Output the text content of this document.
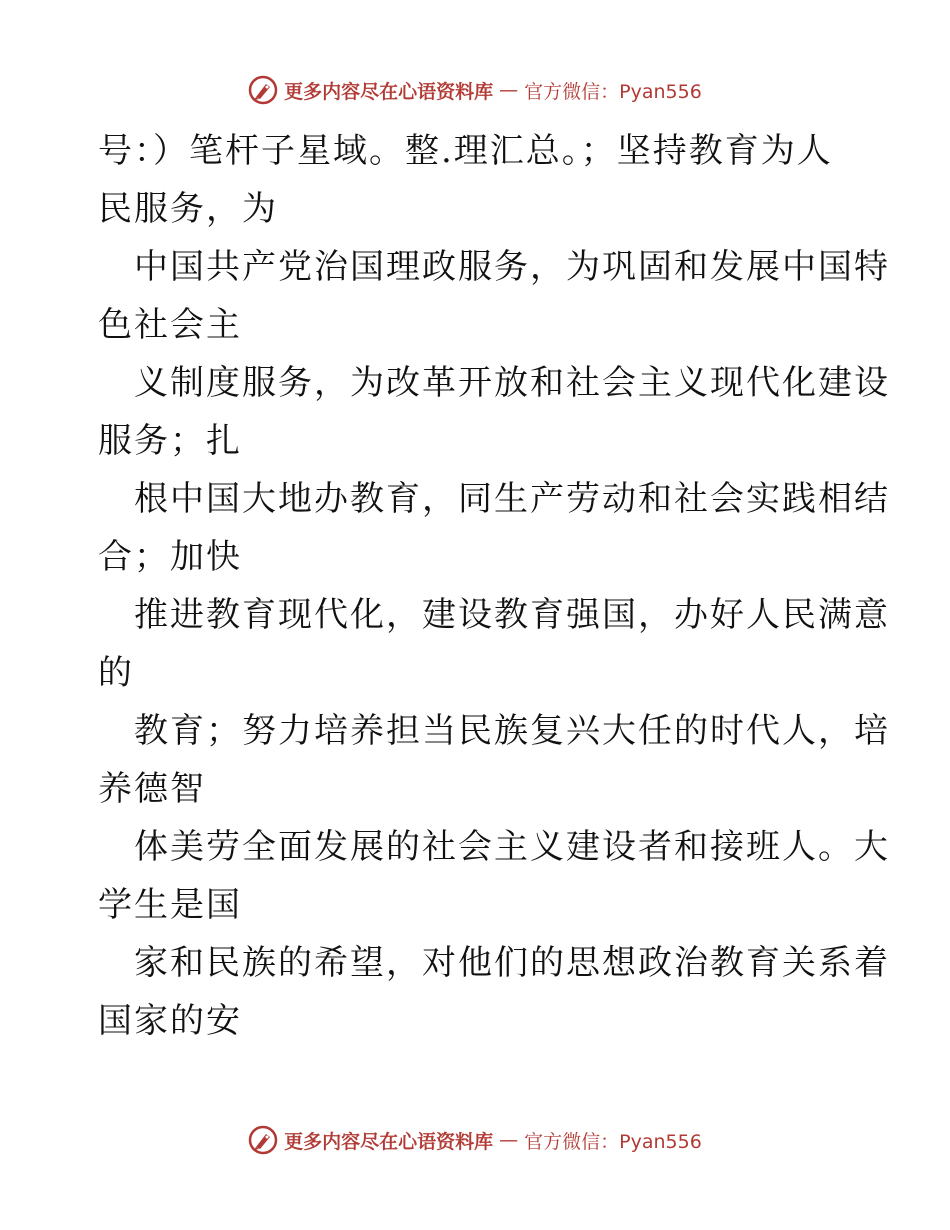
更多内容尽在心语资料库 — 官方微信：Pyan556
号：）笔杆子星域。整.理汇总。；坚持教育为人
民服务，为
中国共产党治国理政服务，为巩固和发展中国特
色社会主
义制度服务，为改革开放和社会主义现代化建设
服务；扎
根中国大地办教育，同生产劳动和社会实践相结
合；加快
推进教育现代化，建设教育强国，办好人民满意
的
教育；努力培养担当民族复兴大任的时代人，培
养德智
体美劳全面发展的社会主义建设者和接班人。大
学生是国
家和民族的希望，对他们的思想政治教育关系着
国家的安
更多内容尽在心语资料库 — 官方微信：Pyan556
